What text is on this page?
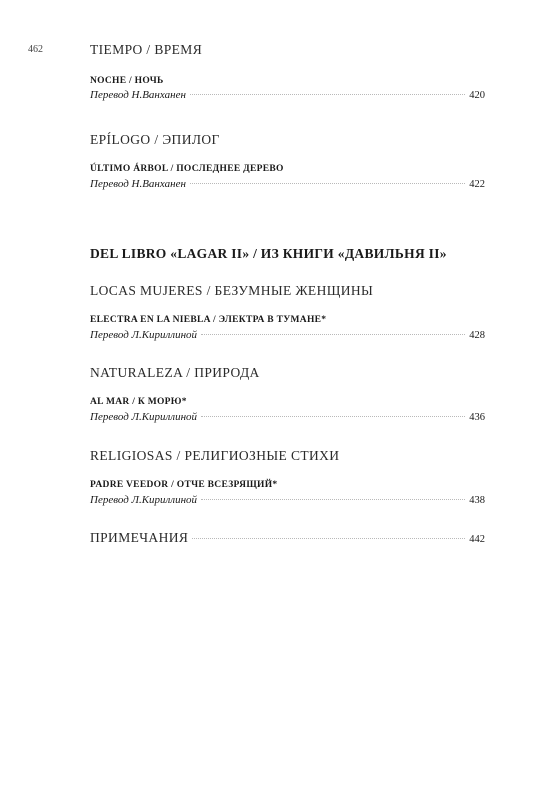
462	TIEMPO / ВРЕМЯ
NOCHE / НОЧЬ
Перевод Н.Ванханен	420
EPÍLOGO / ЭПИЛОГ
ÚLTIMO ÁRBOL / ПОСЛЕДНЕЕ ДЕРЕВО
Перевод Н.Ванханен	422
DEL LIBRO «LAGAR II» / ИЗ КНИГИ «ДАВИЛЬНЯ II»
LOCAS MUJERES / БЕЗУМНЫЕ ЖЕНЩИНЫ
ELECTRA EN LA NIEBLA / ЭЛЕКТРА В ТУМАНЕ*
Перевод Л.Кириллиной	428
NATURALEZA / ПРИРОДА
AL MAR / К МОРЮ*
Перевод Л.Кириллиной	436
RELIGIOSAS / РЕЛИГИОЗНЫЕ СТИХИ
PADRE VEEDOR / ОТЧЕ ВСЕЗРЯЩИЙ*
Перевод Л.Кириллиной	438
ПРИМЕЧАНИЯ	442
